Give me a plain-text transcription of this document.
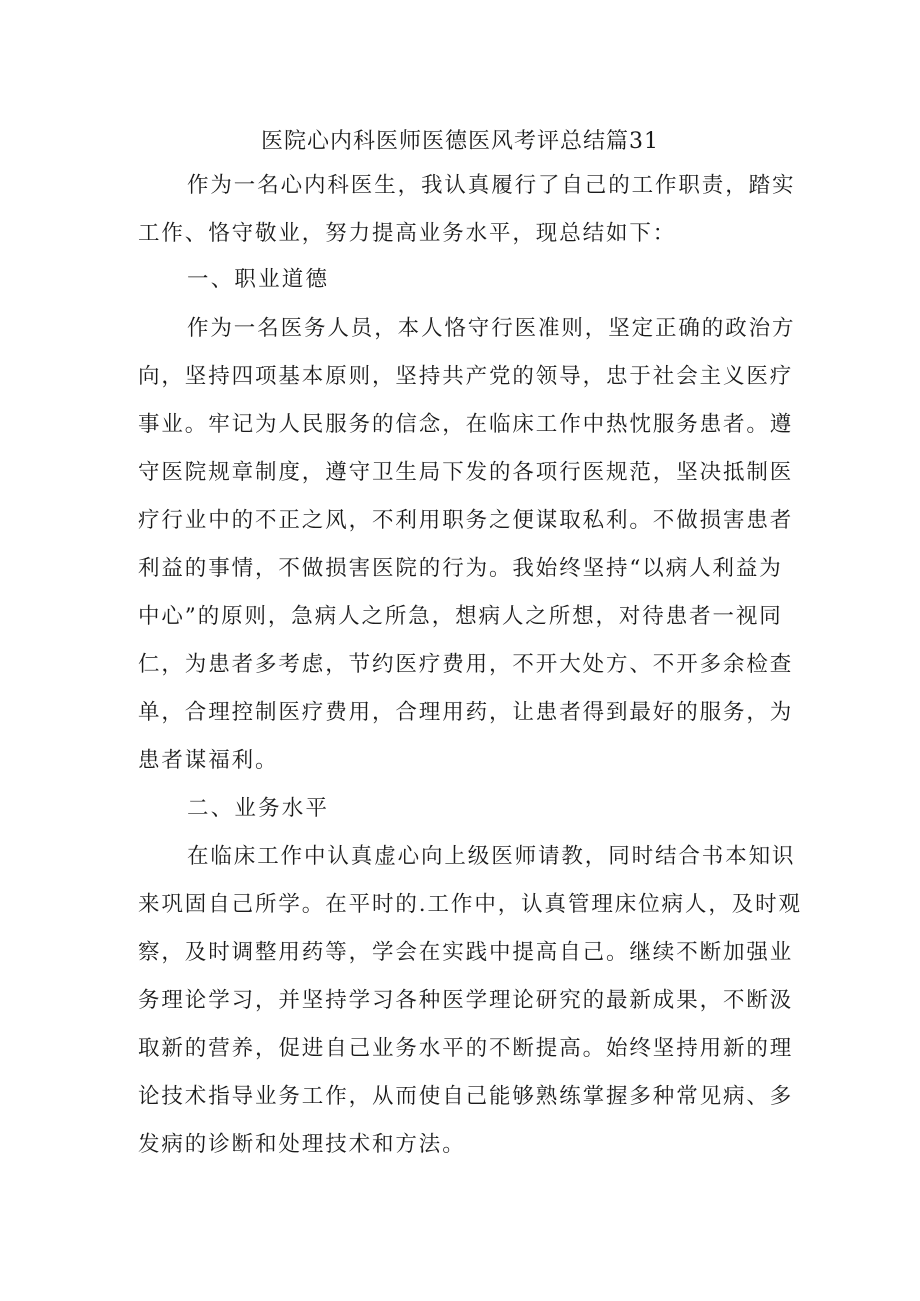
医院心内科医师医德医风考评总结篇31
作为一名心内科医生，我认真履行了自己的工作职责，踏实
工作、恪守敬业，努力提高业务水平，现总结如下：
一、职业道德
作为一名医务人员，本人恪守行医准则，坚定正确的政治方
向，坚持四项基本原则，坚持共产党的领导，忠于社会主义医疗
事业。牢记为人民服务的信念，在临床工作中热忱服务患者。遵
守医院规章制度，遵守卫生局下发的各项行医规范，坚决抵制医
疗行业中的不正之风，不利用职务之便谋取私利。不做损害患者
利益的事情，不做损害医院的行为。我始终坚持“以病人利益为
中心”的原则，急病人之所急，想病人之所想，对待患者一视同
仁，为患者多考虑，节约医疗费用，不开大处方、不开多余检查
单，合理控制医疗费用，合理用药，让患者得到最好的服务，为
患者谋福利。
二、业务水平
在临床工作中认真虚心向上级医师请教，同时结合书本知识
来巩固自己所学。在平时的.工作中，认真管理床位病人，及时观
察，及时调整用药等，学会在实践中提高自己。继续不断加强业
务理论学习，并坚持学习各种医学理论研究的最新成果，不断汲
取新的营养，促进自己业务水平的不断提高。始终坚持用新的理
论技术指导业务工作，从而使自己能够熟练掌握多种常见病、多
发病的诊断和处理技术和方法。
